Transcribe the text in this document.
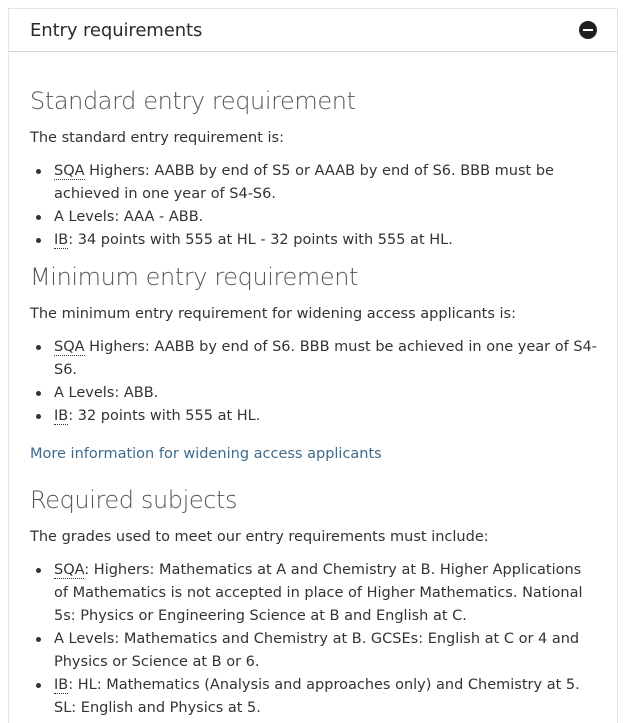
Entry requirements
Standard entry requirement

The standard entry requirement is:

SQA Highers: AABB by end of S5 or AAAB by end of S6. BBB must be achieved in one year of S4-S6.
A Levels: AAA - ABB.
IB: 34 points with 555 at HL - 32 points with 555 at HL.
Minimum entry requirement

The minimum entry requirement for widening access applicants is:

SQA Highers: AABB by end of S6. BBB must be achieved in one year of S4-S6.
A Levels: ABB.
IB: 32 points with 555 at HL.
More information for widening access applicants
Required subjects

The grades used to meet our entry requirements must include:

SQA: Highers: Mathematics at A and Chemistry at B. Higher Applications of Mathematics is not accepted in place of Higher Mathematics. National 5s: Physics or Engineering Science at B and English at C.
A Levels: Mathematics and Chemistry at B. GCSEs: English at C or 4 and Physics or Science at B or 6.
IB: HL: Mathematics (Analysis and approaches only) and Chemistry at 5. SL: English and Physics at 5.
